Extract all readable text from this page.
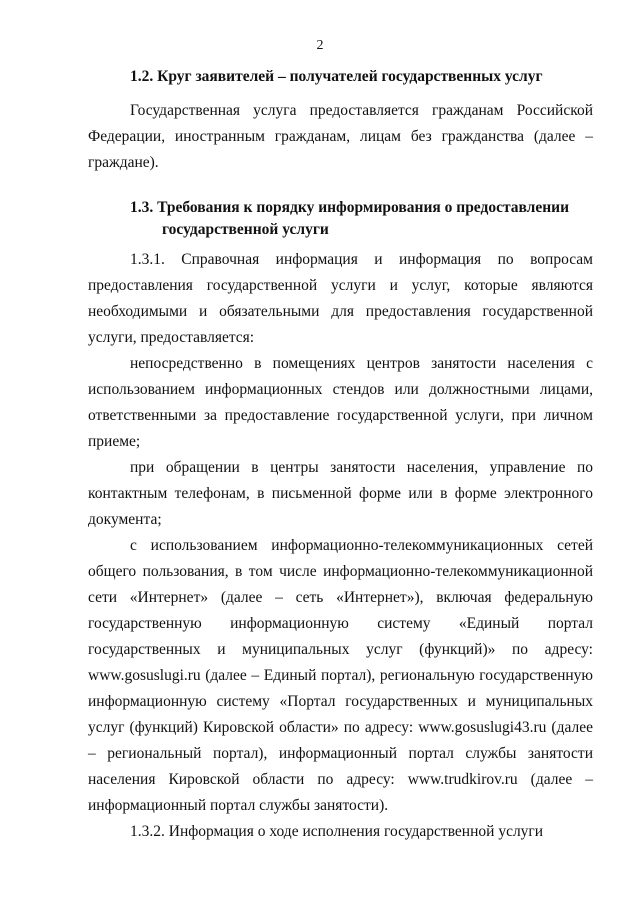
2
1.2. Круг заявителей – получателей государственных услуг

Государственная услуга предоставляется гражданам Российской Федерации, иностранным гражданам, лицам без гражданства (далее – граждане).

1.3. Требования к порядку информирования о предоставлении
государственной услуги

1.3.1. Справочная информация и информация по вопросам предоставления государственной услуги и услуг, которые являются необходимыми и обязательными для предоставления государственной услуги, предоставляется:

непосредственно в помещениях центров занятости населения с использованием информационных стендов или должностными лицами, ответственными за предоставление государственной услуги, при личном приеме;

при обращении в центры занятости населения, управление по контактным телефонам, в письменной форме или в форме электронного документа;

с использованием информационно-телекоммуникационных сетей общего пользования, в том числе информационно-телекоммуникационной сети «Интернет» (далее – сеть «Интернет»), включая федеральную государственную информационную систему «Единый портал государственных и муниципальных услуг (функций)» по адресу: www.gosuslugi.ru (далее – Единый портал), региональную государственную информационную систему «Портал государственных и муниципальных услуг (функций) Кировской области» по адресу: www.gosuslugi43.ru (далее – региональный портал), информационный портал службы занятости населения Кировской области по адресу: www.trudkirov.ru (далее – информационный портал службы занятости).

1.3.2. Информация о ходе исполнения государственной услуги
